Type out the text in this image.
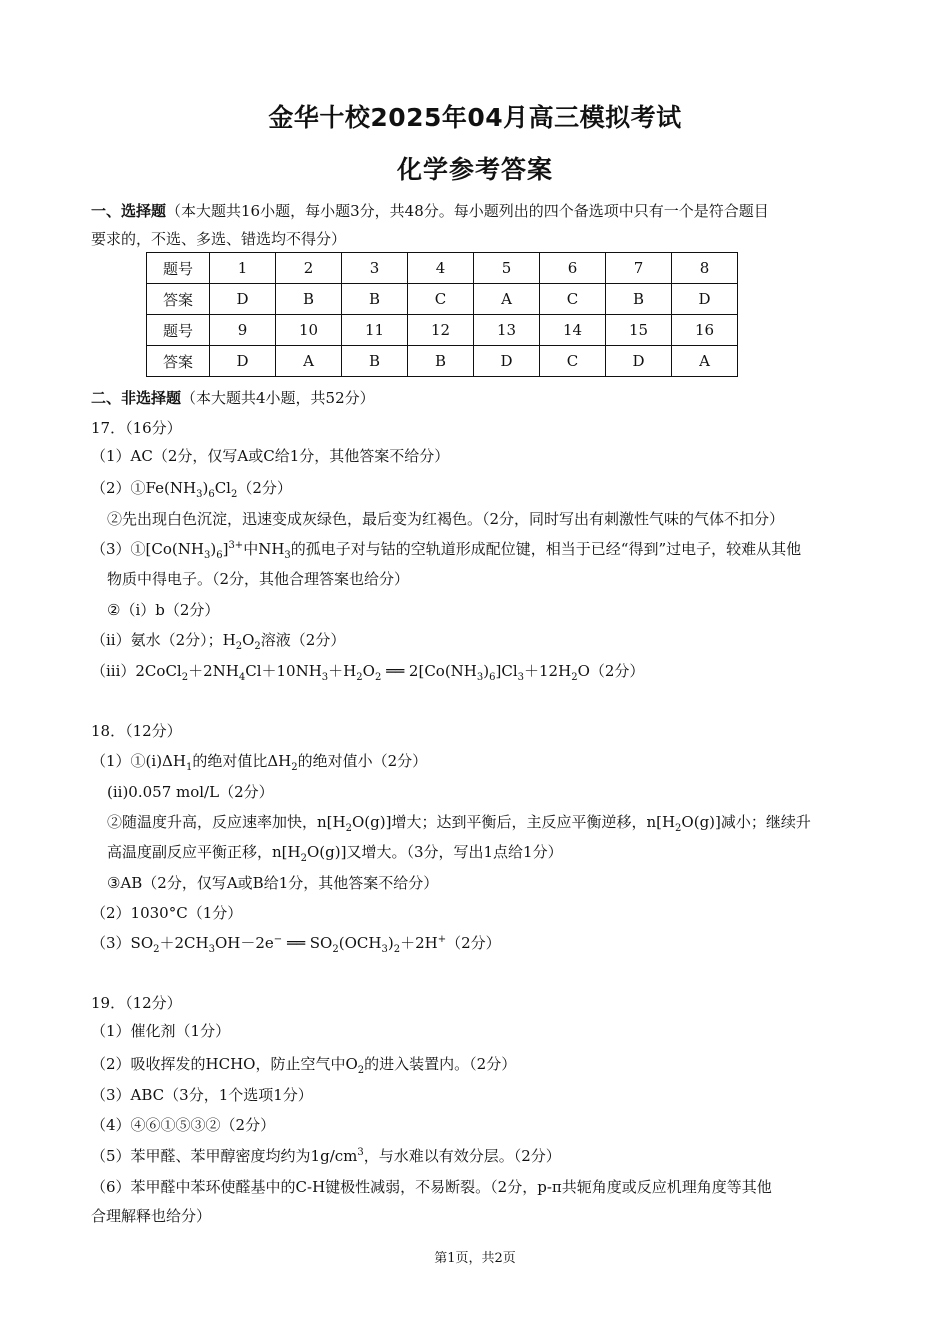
金华十校2025年04月高三模拟考试
化学参考答案
一、选择题（本大题共16小题，每小题3分，共48分。每小题列出的四个备选项中只有一个是符合题目
要求的，不选、多选、错选均不得分）
题号	1	2	3	4	5	6	7	8
答案	D	B	B	C	A	C	B	D
题号	9	10	11	12	13	14	15	16
答案	D	A	B	B	D	C	D	A
二、非选择题（本大题共4小题，共52分）
17．（16分）
（1）AC（2分，仅写A或C给1分，其他答案不给分）
$(2)①Fe(NH_3)_6Cl_2(2$分）
②先出现白色沉淀，迅速变成灰绿色，最后变为红褐色。（2分，同时写出有刺激性气味的气体不扣分）
$(3)①[Co(NH_3)_6]^{3+}$中$NH_3$的孤电子对与钴的空轨道形成配位键，相当于已经“得到”过电子，较难从其他
物质中得电子。（2分，其他合理答案也给分）
②（i）b（2分）
（ii）氨水（2分）；$H_2O_2$溶液（2分）
$(iii)2CoCl_2+2NH_4Cl+10NH_3+H_2O_2$ ══ $2[Co(NH_3)_6]Cl_3+12H_2O(2$分）
18．（12分）
$(1)①(i)\Delta H_1$的绝对值比$\Delta H_2$的绝对值小（2分）
(ii)0.057 mol/L（2分）
②随温度升高，反应速率加快，$n[H_2O(g)]$增大；达到平衡后，主反应平衡逆移，$n[H_2O(g)]$减小；继续升
高温度副反应平衡正移，$n[H_2O(g)]$又增大。（3分，写出1点给1分）
③AB（2分，仅写A或B给1分，其他答案不给分）
（2）1030°C（1分）
$(3)SO_2+2CH_3OH-2e^-$ ══ $SO_2(OCH_3)_2+2H^+(2$分）
19．（12分）
（1）催化剂（1分）
（2）吸收挥发的HCHO，防止空气中$O_2$的进入装置内。（2分）
（3）ABC（3分，1个选项1分）
（4）④⑥①⑤③②（2分）
（5）苯甲醛、苯甲醇密度均约为$1g/cm^3$，与水难以有效分层。（2分）
（6）苯甲醛中苯环使醛基中的C-H键极性减弱，不易断裂。（2分，p-π共轭角度或反应机理角度等其他
合理解释也给分）
第1页，共2页
